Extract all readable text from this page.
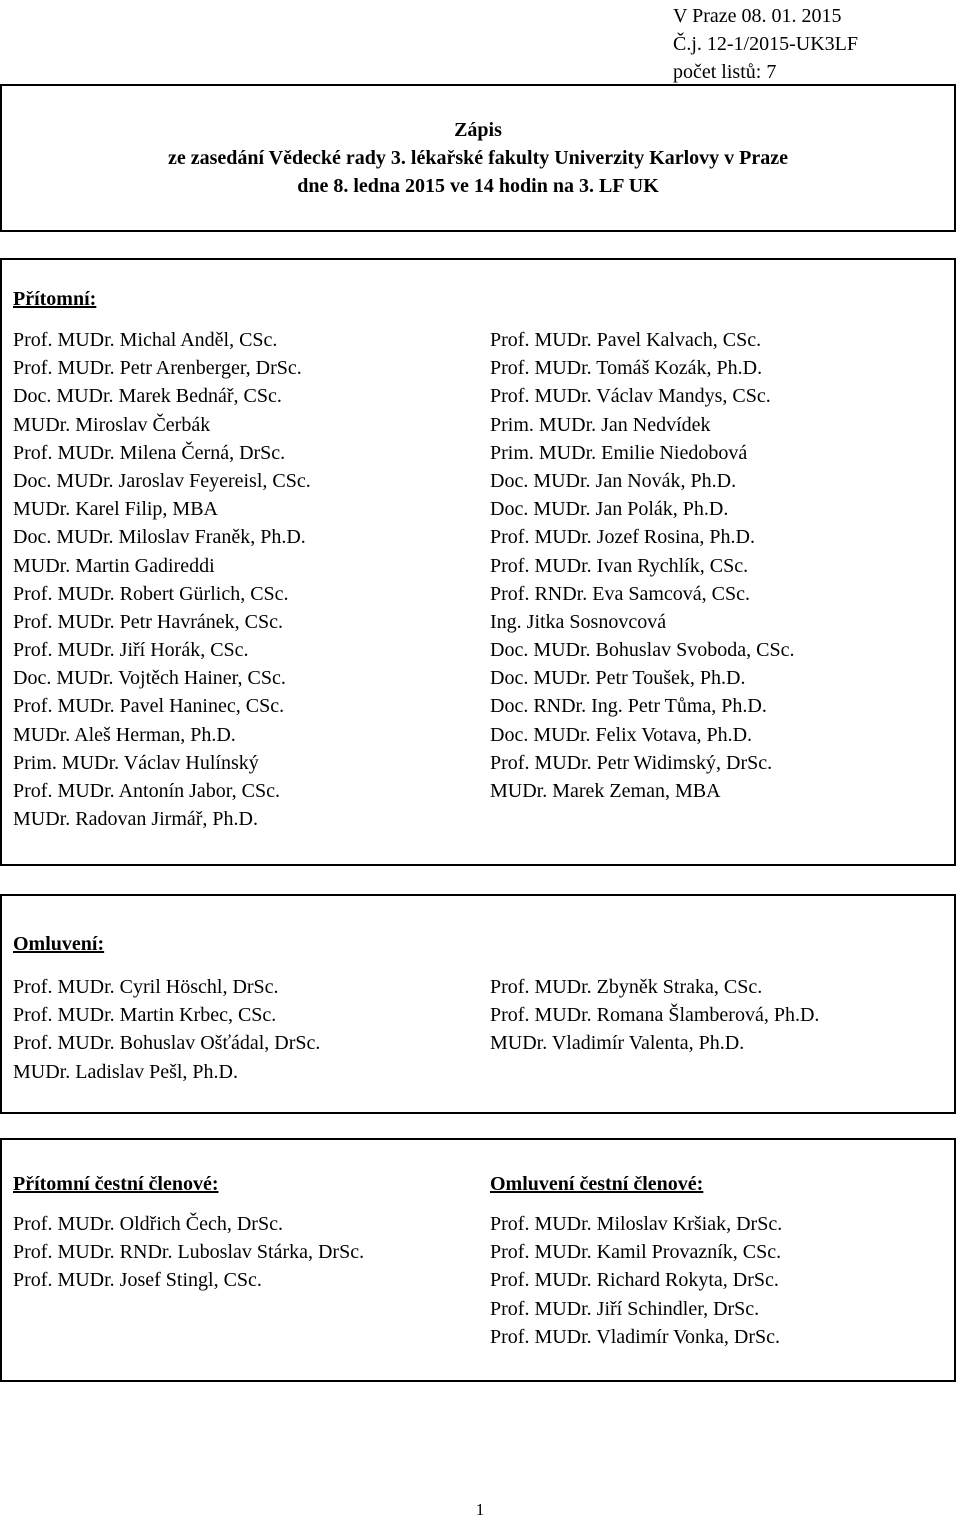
V Praze 08. 01. 2015
Č.j. 12-1/2015-UK3LF
počet listů: 7
Zápis
ze zasedání Vědecké rady 3. lékařské fakulty Univerzity Karlovy v Praze
dne 8. ledna 2015 ve 14 hodin na 3. LF UK
Přítomní:
Prof. MUDr. Michal Anděl, CSc.
Prof. MUDr. Petr Arenberger, DrSc.
Doc. MUDr. Marek Bednář, CSc.
MUDr. Miroslav Čerbák
Prof. MUDr. Milena Černá, DrSc.
Doc. MUDr. Jaroslav Feyereisl, CSc.
MUDr. Karel Filip, MBA
Doc. MUDr. Miloslav Franěk, Ph.D.
MUDr. Martin Gadireddi
Prof. MUDr. Robert Gürlich, CSc.
Prof. MUDr. Petr Havránek, CSc.
Prof. MUDr. Jiří Horák, CSc.
Doc. MUDr. Vojtěch Hainer, CSc.
Prof. MUDr. Pavel Haninec, CSc.
MUDr. Aleš Herman, Ph.D.
Prim. MUDr. Václav Hulínský
Prof. MUDr. Antonín Jabor, CSc.
MUDr. Radovan Jirmář, Ph.D.
Prof. MUDr. Pavel Kalvach, CSc.
Prof. MUDr. Tomáš Kozák, Ph.D.
Prof. MUDr. Václav Mandys, CSc.
Prim. MUDr. Jan Nedvídek
Prim. MUDr. Emilie Niedobová
Doc. MUDr. Jan Novák, Ph.D.
Doc. MUDr. Jan Polák, Ph.D.
Prof. MUDr. Jozef Rosina, Ph.D.
Prof. MUDr. Ivan Rychlík, CSc.
Prof. RNDr. Eva Samcová, CSc.
Ing. Jitka Sosnovcová
Doc. MUDr. Bohuslav Svoboda, CSc.
Doc. MUDr. Petr Toušek, Ph.D.
Doc. RNDr. Ing. Petr Tůma, Ph.D.
Doc. MUDr. Felix Votava, Ph.D.
Prof. MUDr. Petr Widimský, DrSc.
MUDr. Marek Zeman, MBA
Omluvení:
Prof. MUDr. Cyril Höschl, DrSc.
Prof. MUDr. Martin Krbec, CSc.
Prof. MUDr. Bohuslav Ošťádal, DrSc.
MUDr. Ladislav Pešl, Ph.D.
Prof. MUDr. Zbyněk Straka, CSc.
Prof. MUDr. Romana Šlamberová, Ph.D.
MUDr. Vladimír Valenta, Ph.D.
Přítomní čestní členové:	Omluvení čestní členové:
Prof. MUDr. Oldřich Čech, DrSc.
Prof. MUDr. RNDr. Luboslav Stárka, DrSc.
Prof. MUDr. Josef Stingl, CSc.
Prof. MUDr. Miloslav Kršiak, DrSc.
Prof. MUDr. Kamil Provazník, CSc.
Prof. MUDr. Richard Rokyta, DrSc.
Prof. MUDr. Jiří Schindler, DrSc.
Prof. MUDr. Vladimír Vonka, DrSc.
1
